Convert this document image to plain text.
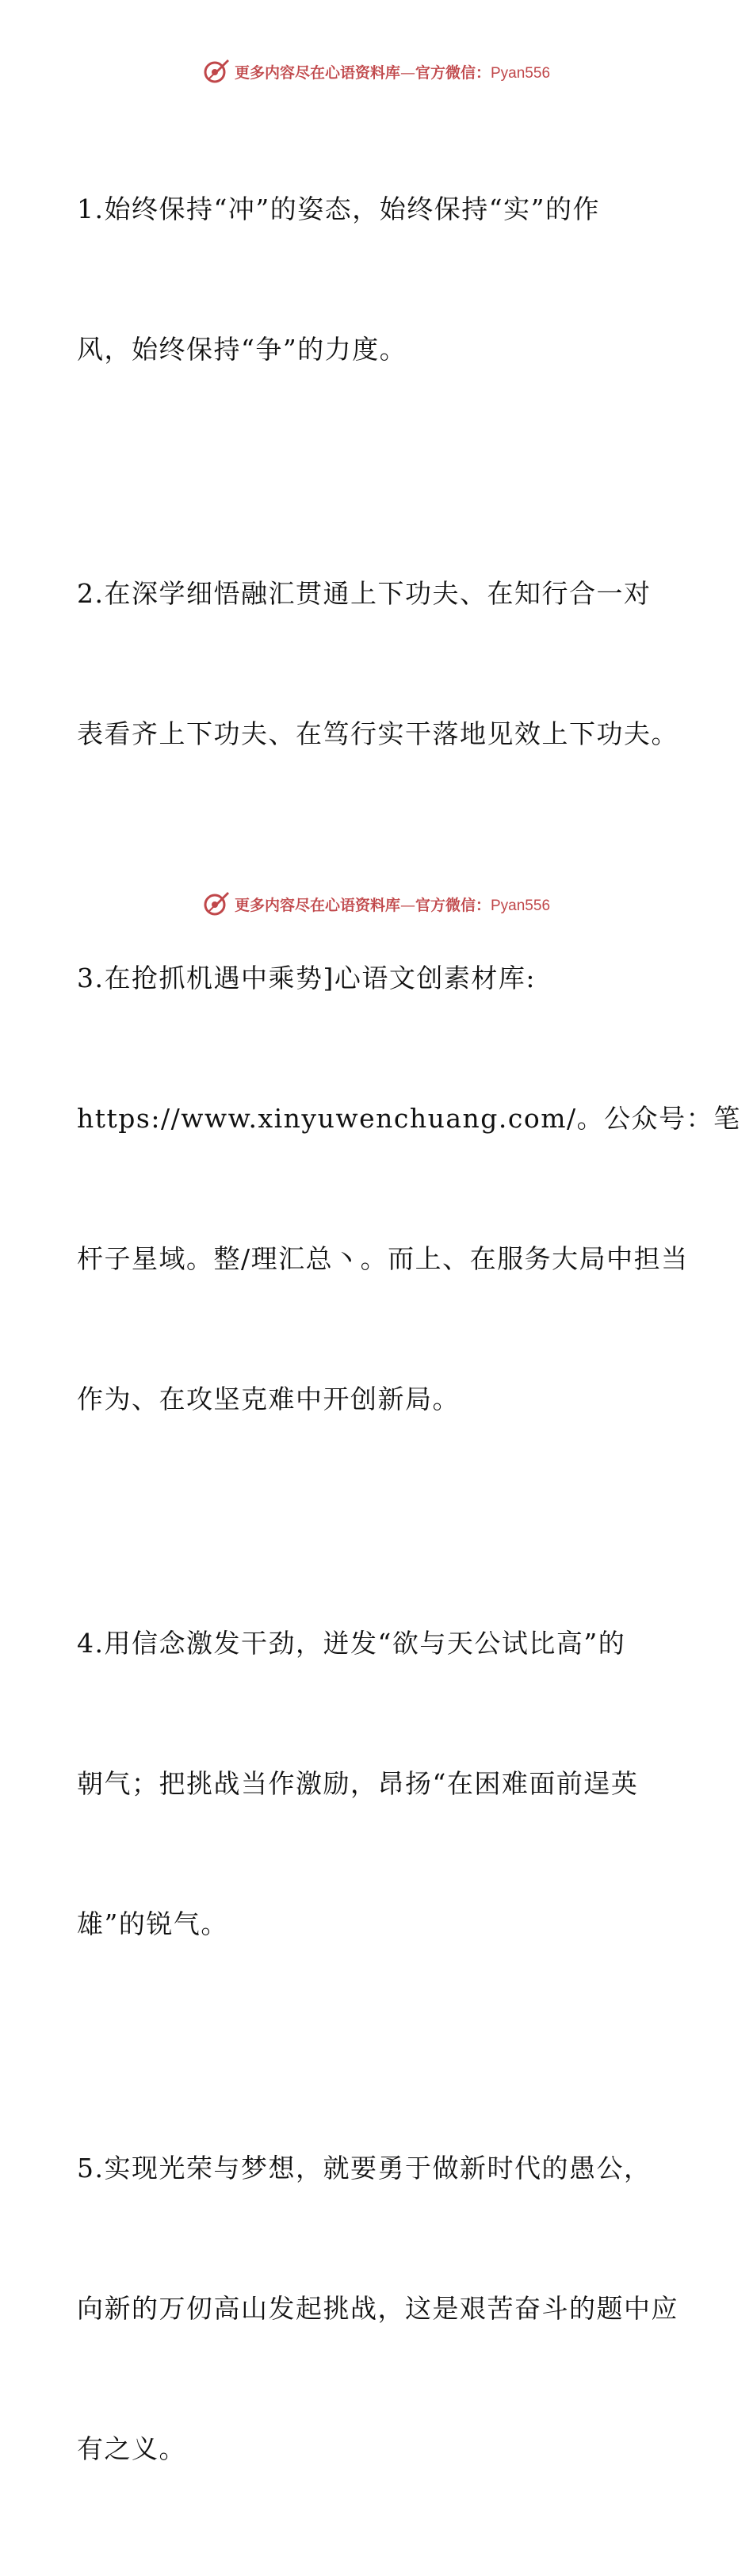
更多内容尽在心语资料库—官方微信：Pyan556

1.始终保持“冲”的姿态，始终保持“实”的作

风，始终保持“争”的力度。

2.在深学细悟融汇贯通上下功夫、在知行合一对

表看齐上下功夫、在笃行实干落地见效上下功夫。

3.在抢抓机遇中乘势]心语文创素材库:

https://www.xinyuwenchuang.com/。公众号：笔

杆子星域。整/理汇总丶。而上、在服务大局中担当

作为、在攻坚克难中开创新局。

4.用信念激发干劲，迸发“欲与天公试比高”的

朝气；把挑战当作激励，昂扬“在困难面前逞英

雄”的锐气。

5.实现光荣与梦想，就要勇于做新时代的愚公，

向新的万仞高山发起挑战，这是艰苦奋斗的题中应

有之义。

更多内容尽在心语资料库—官方微信：Pyan556
